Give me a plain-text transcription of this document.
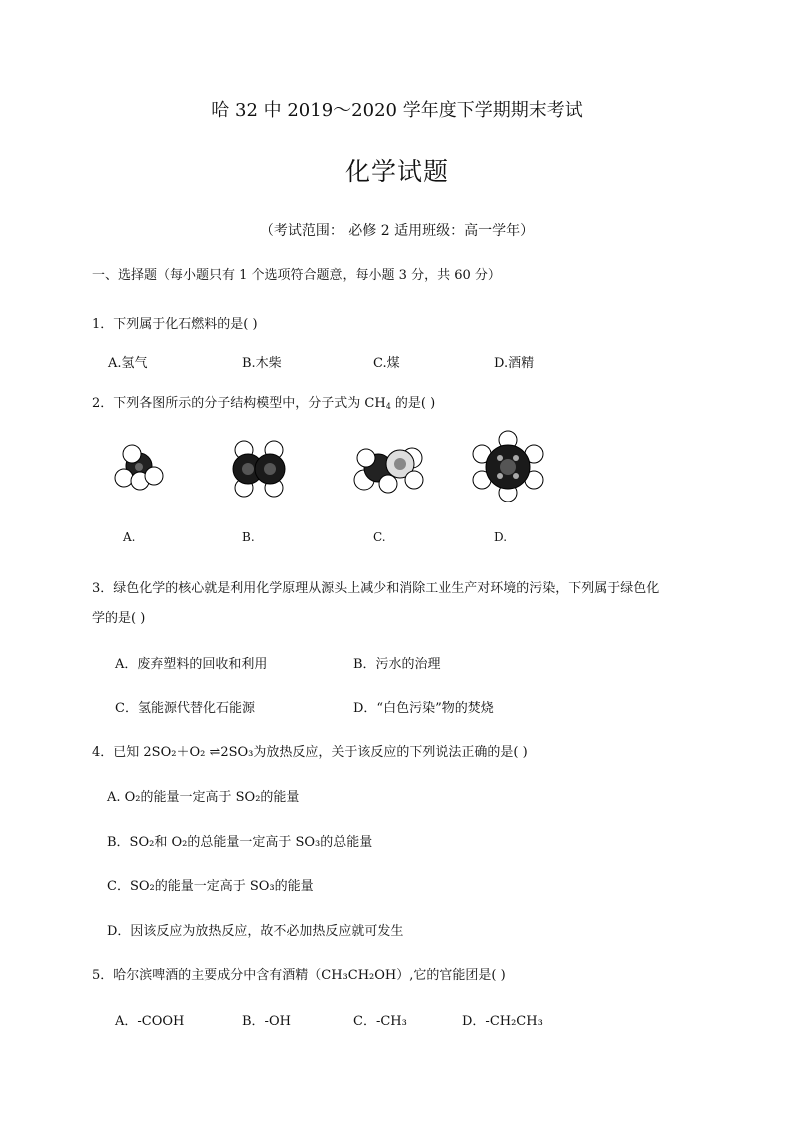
哈 32 中 2019～2020 学年度下学期期末考试
化学试题
（考试范围： 必修 2 适用班级：高一学年）
一、选择题（每小题只有 1 个选项符合题意，每小题 3 分，共 60 分）
1．下列属于化石燃料的是( )
A.氢气	B.木柴	C.煤	D.酒精
2．下列各图所示的分子结构模型中，分子式为 $CH_4$ 的是( )
A.	B.	C.	D.
3．绿色化学的核心就是利用化学原理从源头上减少和消除工业生产对环境的污染，下列属于绿色化
学的是( )
A．废弃塑料的回收和利用	B．污水的治理
C．氢能源代替化石能源	D．“白色污染”物的焚烧
4．已知 2SO₂＋O₂ ⇌2SO₃为放热反应，关于该反应的下列说法正确的是( )
A. O₂的能量一定高于 SO₂的能量
B．SO₂和 O₂的总能量一定高于 SO₃的总能量
C．SO₂的能量一定高于 SO₃的能量
D．因该反应为放热反应，故不必加热反应就可发生
5．哈尔滨啤酒的主要成分中含有酒精（CH₃CH₂OH）,它的官能团是( )
A．-COOH	B．-OH	C．-CH₃	D．-CH₂CH₃
